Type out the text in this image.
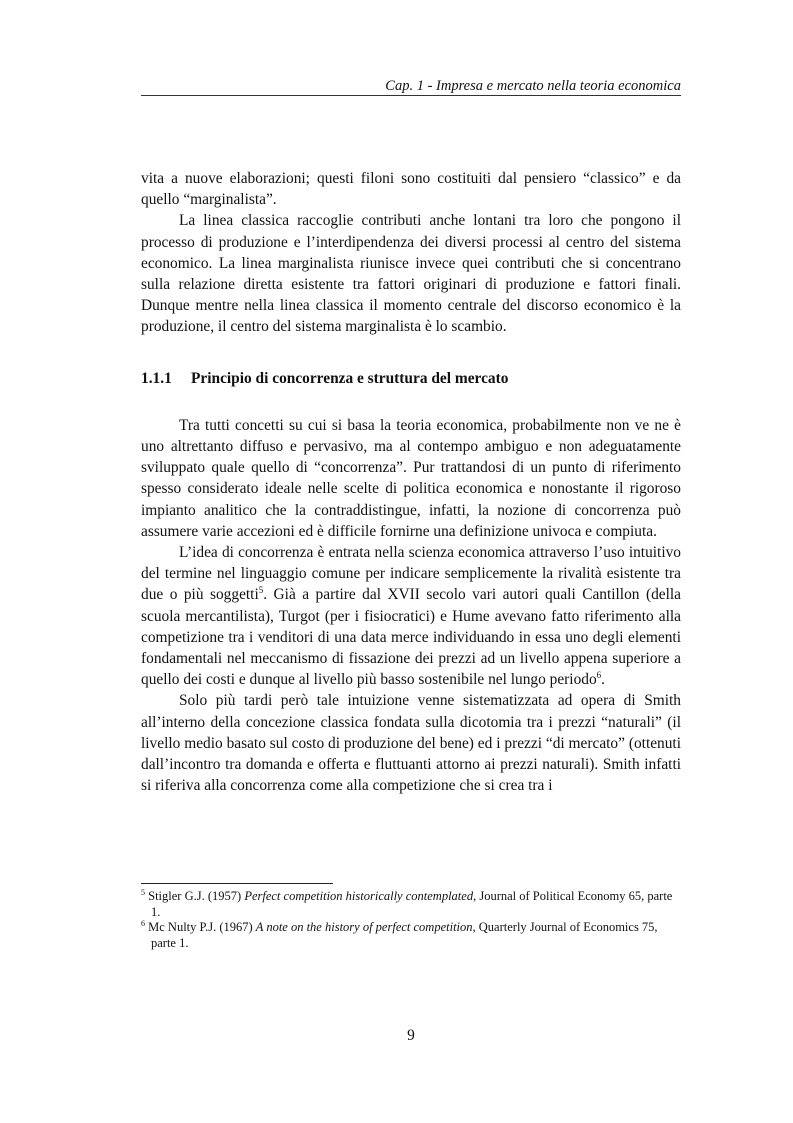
Cap. 1 - Impresa e mercato nella teoria economica

vita a nuove elaborazioni; questi filoni sono costituiti dal pensiero “classico” e da quello “marginalista”.

La linea classica raccoglie contributi anche lontani tra loro che pongono il processo di produzione e l’interdipendenza dei diversi processi al centro del sistema economico. La linea marginalista riunisce invece quei contributi che si concentrano sulla relazione diretta esistente tra fattori originari di produzione e fattori finali. Dunque mentre nella linea classica il momento centrale del discorso economico è la produzione, il centro del sistema marginalista è lo scambio.

1.1.1 Principio di concorrenza e struttura del mercato

Tra tutti concetti su cui si basa la teoria economica, probabilmente non ve ne è uno altrettanto diffuso e pervasivo, ma al contempo ambiguo e non adeguatamente sviluppato quale quello di “concorrenza”. Pur trattandosi di un punto di riferimento spesso considerato ideale nelle scelte di politica economica e nonostante il rigoroso impianto analitico che la contraddistingue, infatti, la nozione di concorrenza può assumere varie accezioni ed è difficile fornirne una definizione univoca e compiuta.

L’idea di concorrenza è entrata nella scienza economica attraverso l’uso intuitivo del termine nel linguaggio comune per indicare semplicemente la rivalità esistente tra due o più soggetti$^5$. Già a partire dal XVII secolo vari autori quali Cantillon (della scuola mercantilista), Turgot (per i fisiocratici) e Hume avevano fatto riferimento alla competizione tra i venditori di una data merce individuando in essa uno degli elementi fondamentali nel meccanismo di fissazione dei prezzi ad un livello appena superiore a quello dei costi e dunque al livello più basso sostenibile nel lungo periodo$^6$.

Solo più tardi però tale intuizione venne sistematizzata ad opera di Smith all’interno della concezione classica fondata sulla dicotomia tra i prezzi “naturali” (il livello medio basato sul costo di produzione del bene) ed i prezzi “di mercato” (ottenuti dall’incontro tra domanda e offerta e fluttuanti attorno ai prezzi naturali). Smith infatti si riferiva alla concorrenza come alla competizione che si crea tra i

$^5$ Stigler G.J. (1957) Perfect competition historically contemplated, Journal of Political Economy 65, parte 1.

$^6$ Mc Nulty P.J. (1967) A note on the history of perfect competition, Quarterly Journal of Economics 75, parte 1.

9
